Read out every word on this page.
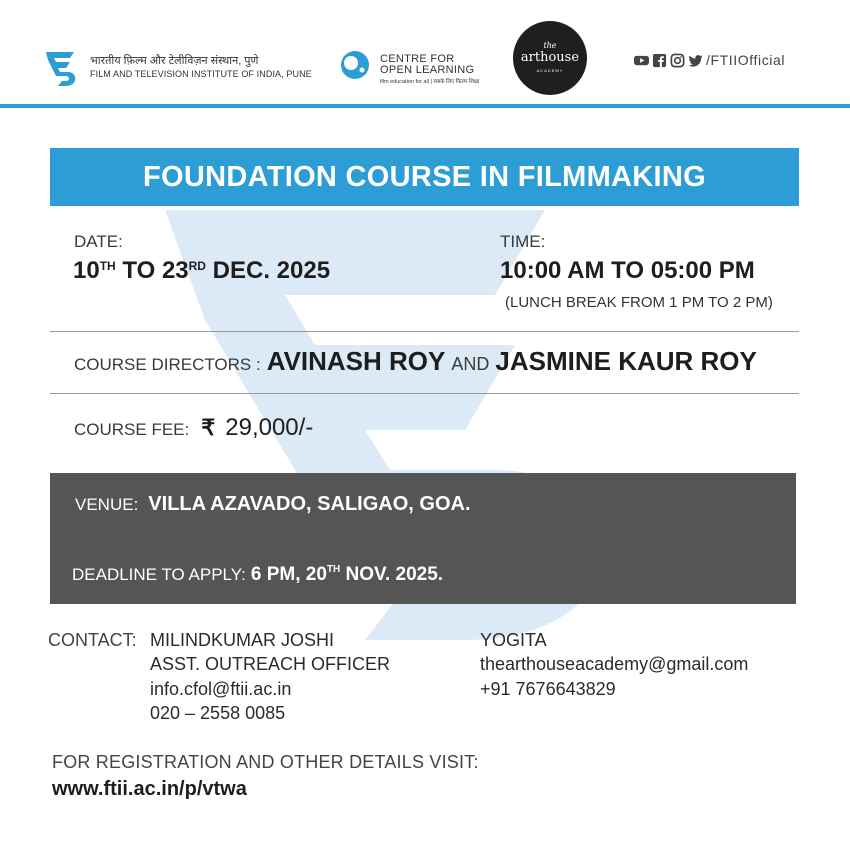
भारतीय फ़िल्म और टेलीविज़न संस्थान, पुणे
FILM AND TELEVISION INSTITUTE OF INDIA, PUNE
CENTRE FOR
OPEN LEARNING
film education for all | सबके लिए फिल्म शिक्षा
the
arthouse
ACADEMY
/FTIIOfficial
FOUNDATION COURSE IN FILMMAKING
DATE:
10TH TO 23RD DEC. 2025
TIME:
10:00 AM TO 05:00 PM
(LUNCH BREAK FROM 1 PM TO 2 PM)
COURSE DIRECTORS : AVINASH ROY AND JASMINE KAUR ROY
COURSE FEE: ₹ 29,000/-
VENUE: VILLA AZAVADO, SALIGAO, GOA.
DEADLINE TO APPLY: 6 PM, 20TH NOV. 2025.
CONTACT: MILINDKUMAR JOSHI
ASST. OUTREACH OFFICER
info.cfol@ftii.ac.in
020 – 2558 0085
YOGITA
thearthouseacademy@gmail.com
+91 7676643829
FOR REGISTRATION AND OTHER DETAILS VISIT:
www.ftii.ac.in/p/vtwa
